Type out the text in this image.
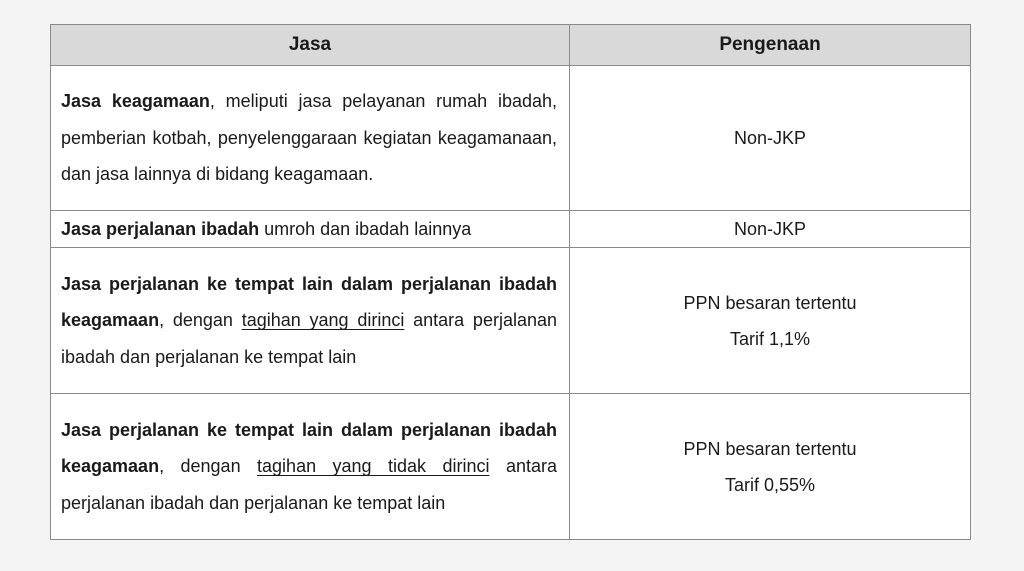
Jasa	Pengenaan
Jasa keagamaan, meliputi jasa pelayanan rumah ibadah, pemberian kotbah, penyelenggaraan kegiatan keagamanaan, dan jasa lainnya di bidang keagamaan.	Non-JKP
Jasa perjalanan ibadah umroh dan ibadah lainnya	Non-JKP
Jasa perjalanan ke tempat lain dalam perjalanan ibadah keagamaan, dengan tagihan yang dirinci antara perjalanan ibadah dan perjalanan ke tempat lain	PPN besaran tertentu
Tarif 1,1%

Jasa perjalanan ke tempat lain dalam perjalanan ibadah keagamaan, dengan tagihan yang tidak dirinci antara perjalanan ibadah dan perjalanan ke tempat lain	PPN besaran tertentu
Tarif 0,55%
